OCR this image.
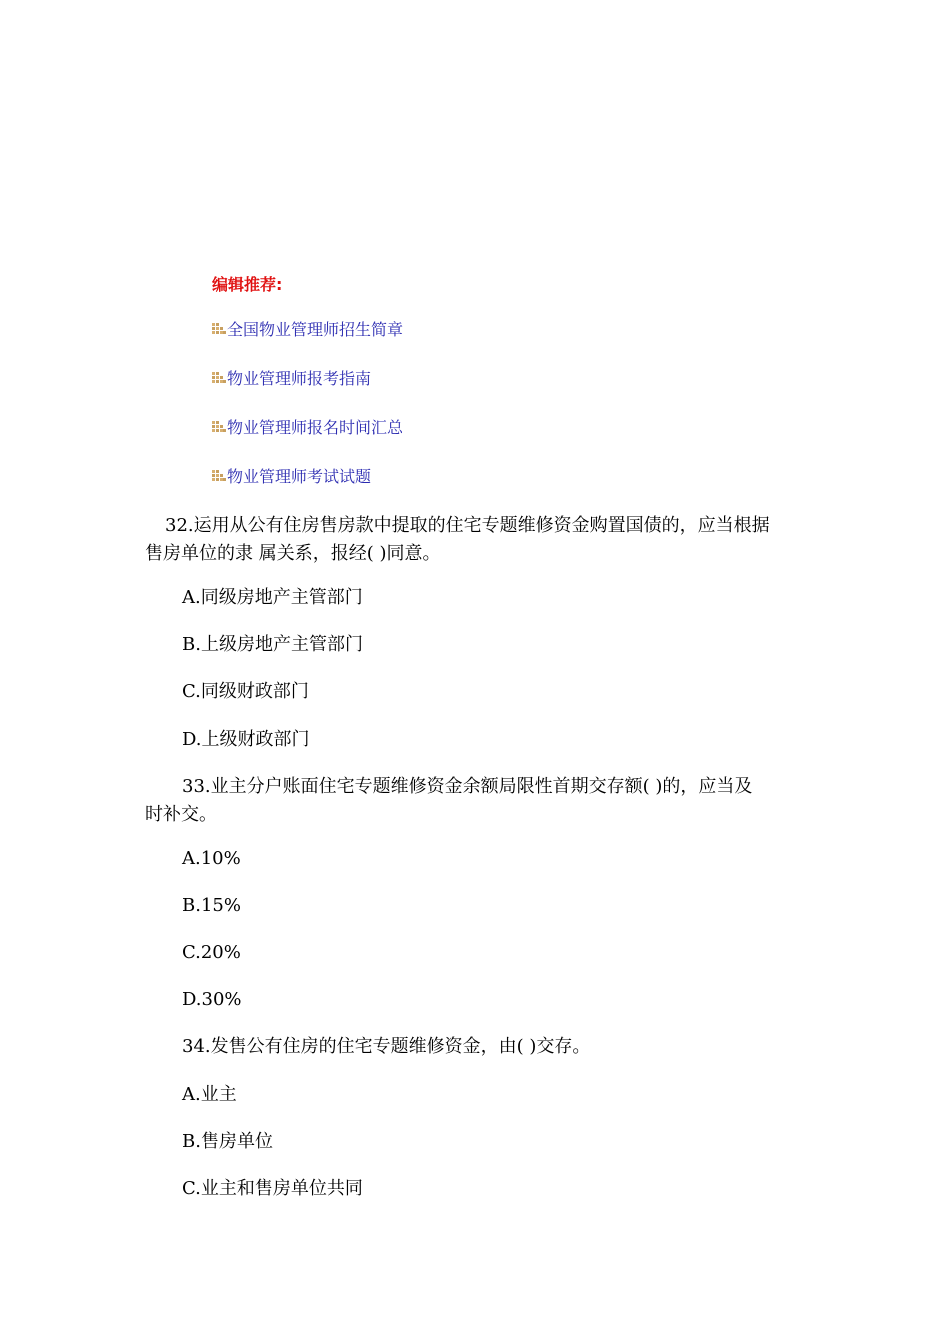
编辑推荐:

全国物业管理师招生简章
物业管理师报考指南
物业管理师报名时间汇总
物业管理师考试试题
32.运用从公有住房售房款中提取的住宅专题维修资金购置国债的，应当根据
售房单位的隶 属关系，报经( )同意。

A.同级房地产主管部门

B.上级房地产主管部门

C.同级财政部门

D.上级财政部门

33.业主分户账面住宅专题维修资金余额局限性首期交存额( )的，应当及
时补交。

A.10%

B.15%

C.20%

D.30%

34.发售公有住房的住宅专题维修资金，由( )交存。

A.业主

B.售房单位

C.业主和售房单位共同
